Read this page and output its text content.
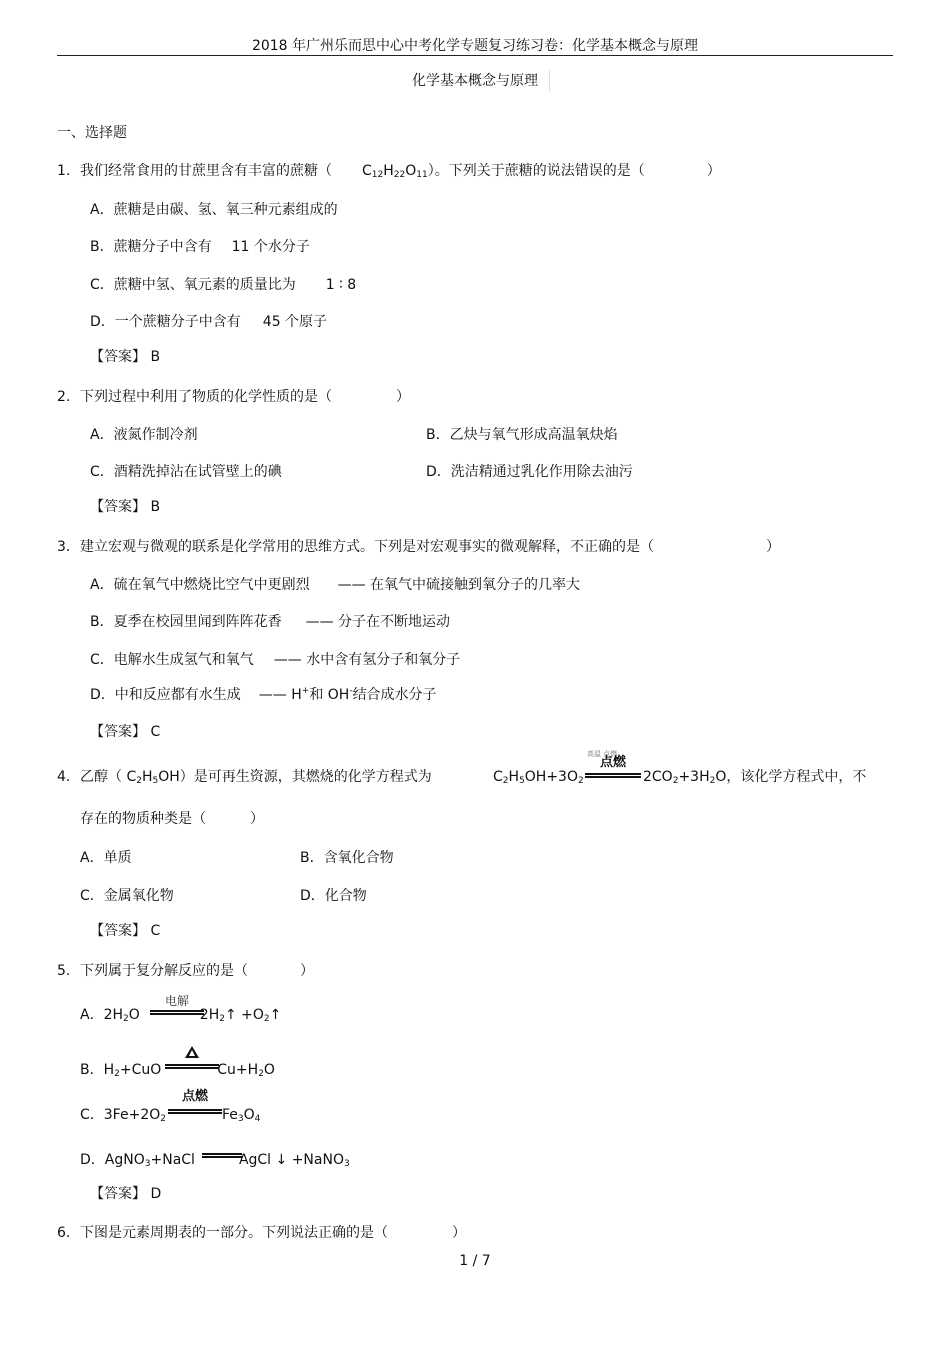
2018 年广州乐而思中心中考化学专题复习练习卷：化学基本概念与原理
化学基本概念与原理
一、选择题
1. 我们经常食用的甘蔗里含有丰富的蔗糖（ $C_{12}H_{22}O_{11}$）。下列关于蔗糖的说法错误的是（	）
A．蔗糖是由碳、氢、氧三种元素组成的
B．蔗糖分子中含有 11 个水分子
C．蔗糖中氢、氧元素的质量比为 1 ∶ 8
D．一个蔗糖分子中含有 45 个原子
【答案】 B
2. 下列过程中利用了物质的化学性质的是（	）
A．液氮作制冷剂	B．乙炔与氧气形成高温氧炔焰
C．酒精洗掉沾在试管壁上的碘	D．洗洁精通过乳化作用除去油污
【答案】 B
3. 建立宏观与微观的联系是化学常用的思维方式。下列是对宏观事实的微观解释，不正确的是（	）
A．硫在氧气中燃烧比空气中更剧烈 —— 在氧气中硫接触到氧分子的几率大
B．夏季在校园里闻到阵阵花香 —— 分子在不断地运动
C．电解水生成氢气和氧气 —— 水中含有氢分子和氧分子
D．中和反应都有水生成 —— H+和 OH-结合成水分子
【答案】 C
4. 乙醇（ $C_2H_5OH$）是可再生资源，其燃烧的化学方程式为	$C_2H_5OH+3O_2$
高温 点燃
点燃
$2CO_2+3H_2O$，该化学方程式中，不
存在的物质种类是（	）
A．单质	B．含氧化合物
C．金属氧化物	D．化合物
【答案】 C
5. 下列属于复分解反应的是（	）
A．$2H_2O$	$2H_2↑$ $+O_2↑$
电解
B．$H_2+CuO$	$Cu+H_2O$
C．$3Fe+2O_2$	$Fe_3O_4$
点燃
D．AgNO$_3$+NaCl	AgCl ↓ +NaNO$_3$
【答案】 D
6. 下图是元素周期表的一部分。下列说法正确的是（	）
1 / 7
